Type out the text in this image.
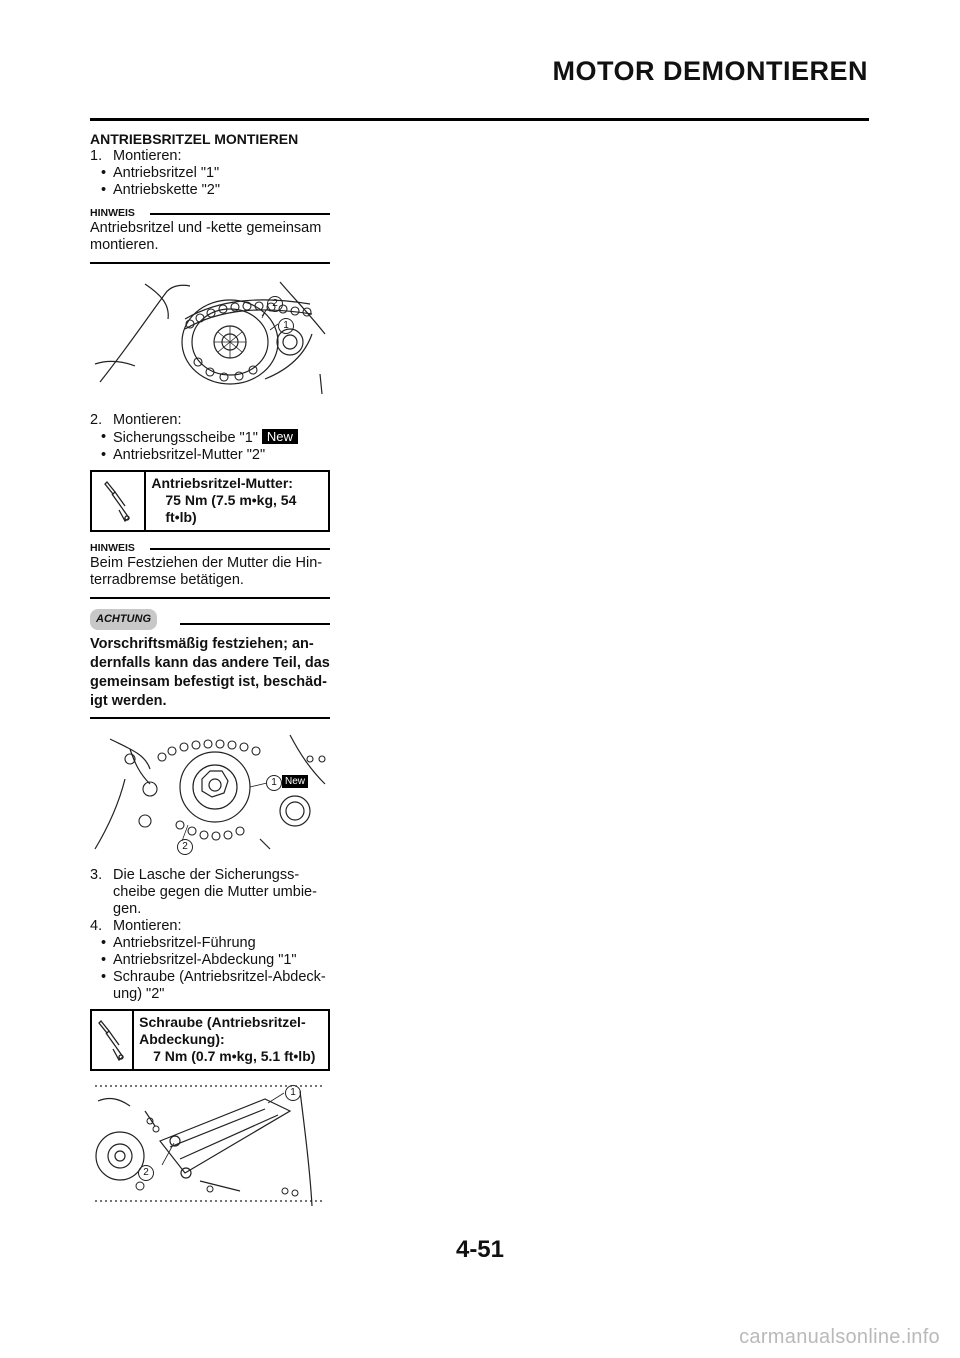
MOTOR DEMONTIEREN
ANTRIEBSRITZEL MONTIEREN
1. Montieren:
• Antriebsritzel "1"
• Antriebskette "2"
HINWEIS
Antriebsritzel und -kette gemeinsam montieren.
2
1
2. Montieren:
• Sicherungsscheibe "1" New
• Antriebsritzel-Mutter "2"
Antriebsritzel-Mutter:
75 Nm (7.5 m•kg, 54 ft•lb)
HINWEIS
Beim Festziehen der Mutter die Hin-terradbremse betätigen.
ACHTUNG
Vorschriftsmäßig festziehen; an-dernfalls kann das andere Teil, das gemeinsam befestigt ist, beschäd-igt werden.
1 New
2
3. Die Lasche der Sicherungss-cheibe gegen die Mutter umbie-gen.
4. Montieren:
• Antriebsritzel-Führung
• Antriebsritzel-Abdeckung "1"
• Schraube (Antriebsritzel-Abdeck-ung) "2"
Schraube (Antriebsritzel-Abdeckung):
7 Nm (0.7 m•kg, 5.1 ft•lb)
1
2
4-51
carmanualsonline.info
